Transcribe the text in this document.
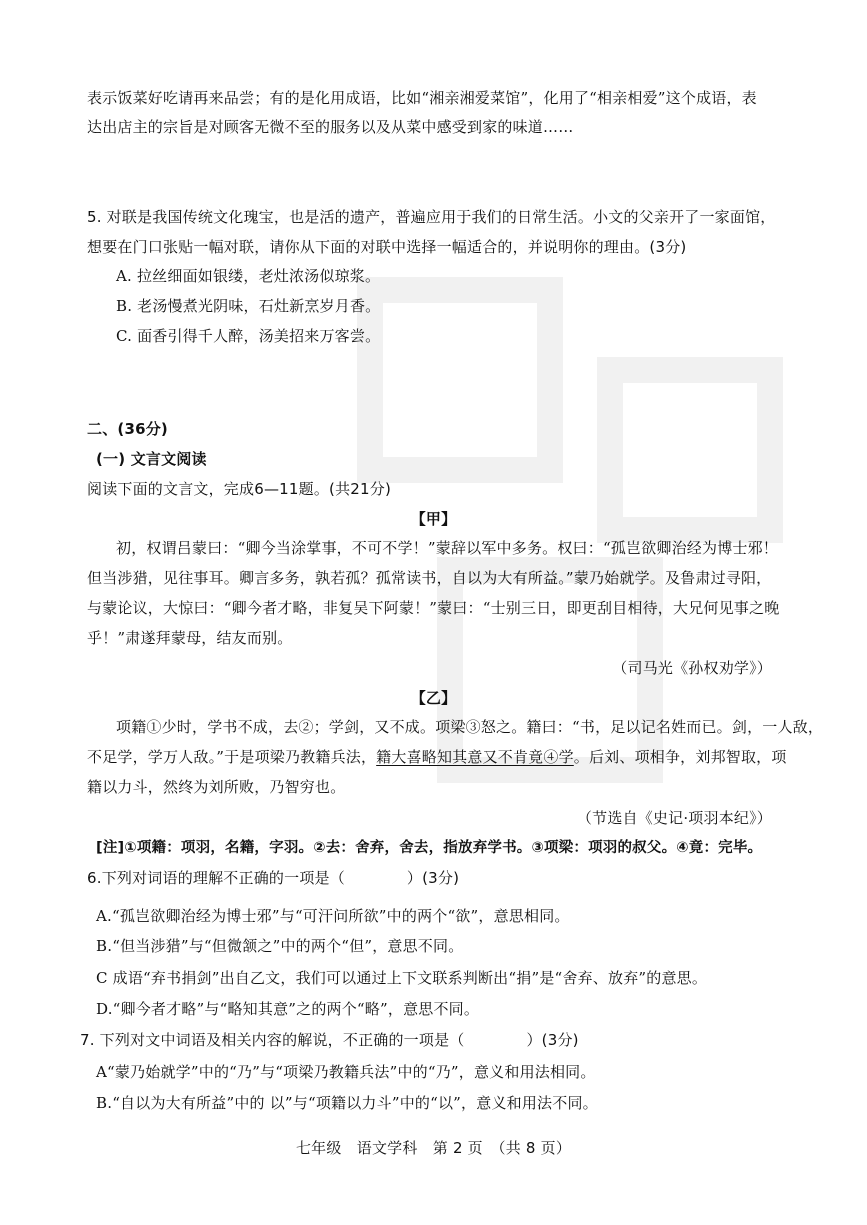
表示饭菜好吃请再来品尝；有的是化用成语，比如“湘亲湘爱菜馆”，化用了“相亲相爱”这个成语，表
达出店主的宗旨是对顾客无微不至的服务以及从菜中感受到家的味道……
5. 对联是我国传统文化瑰宝，也是活的遗产，普遍应用于我们的日常生活。小文的父亲开了一家面馆，
想要在门口张贴一幅对联，请你从下面的对联中选择一幅适合的，并说明你的理由。(3分)
A. 拉丝细面如银缕，老灶浓汤似琼浆。
B. 老汤慢煮光阴味，石灶新烹岁月香。
C. 面香引得千人醉，汤美招来万客尝。
二、(36分)
(一) 文言文阅读
阅读下面的文言文，完成6—11题。(共21分)
【甲】
初，权谓吕蒙曰：“卿今当涂掌事，不可不学！”蒙辞以军中多务。权曰：“孤岂欲卿治经为博士邪！
但当涉猎，见往事耳。卿言多务，孰若孤？孤常读书，自以为大有所益。”蒙乃始就学。及鲁肃过寻阳，
与蒙论议，大惊曰：“卿今者才略，非复吴下阿蒙！”蒙曰：“士别三日，即更刮目相待，大兄何见事之晚
乎！”肃遂拜蒙母，结友而别。
（司马光《孙权劝学》）
【乙】
项籍①少时，学书不成，去②；学剑，又不成。项梁③怒之。籍曰：“书，足以记名姓而已。剑，一人敌，
不足学，学万人敌。”于是项梁乃教籍兵法，籍大喜略知其意又不肯竟④学。后刘、项相争，刘邦智取，项
籍以力斗，然终为刘所败，乃智穷也。
（节选自《史记·项羽本纪》）
[注]①项籍：项羽，名籍，字羽。②去：舍弃，舍去，指放弃学书。③项梁：项羽的叔父。④竟：完毕。
6.下列对词语的理解不正确的一项是（	）(3分)
A.“孤岂欲卿治经为博士邪”与“可汗问所欲”中的两个“欲”，意思相同。
B.“但当涉猎”与“但微颔之”中的两个“但”，意思不同。
C 成语“弃书捐剑”出自乙文，我们可以通过上下文联系判断出“捐”是“舍弃、放弃”的意思。
D.“卿今者才略”与“略知其意”之的两个“略”，意思不同。
7. 下列对文中词语及相关内容的解说，不正确的一项是（	）(3分)
A“蒙乃始就学”中的“乃”与“项梁乃教籍兵法”中的“乃”，意义和用法相同。
B.“自以为大有所益”中的 以”与“项籍以力斗”中的“以”，意义和用法不同。
七年级　语文学科　第 2 页　（共 8 页）
